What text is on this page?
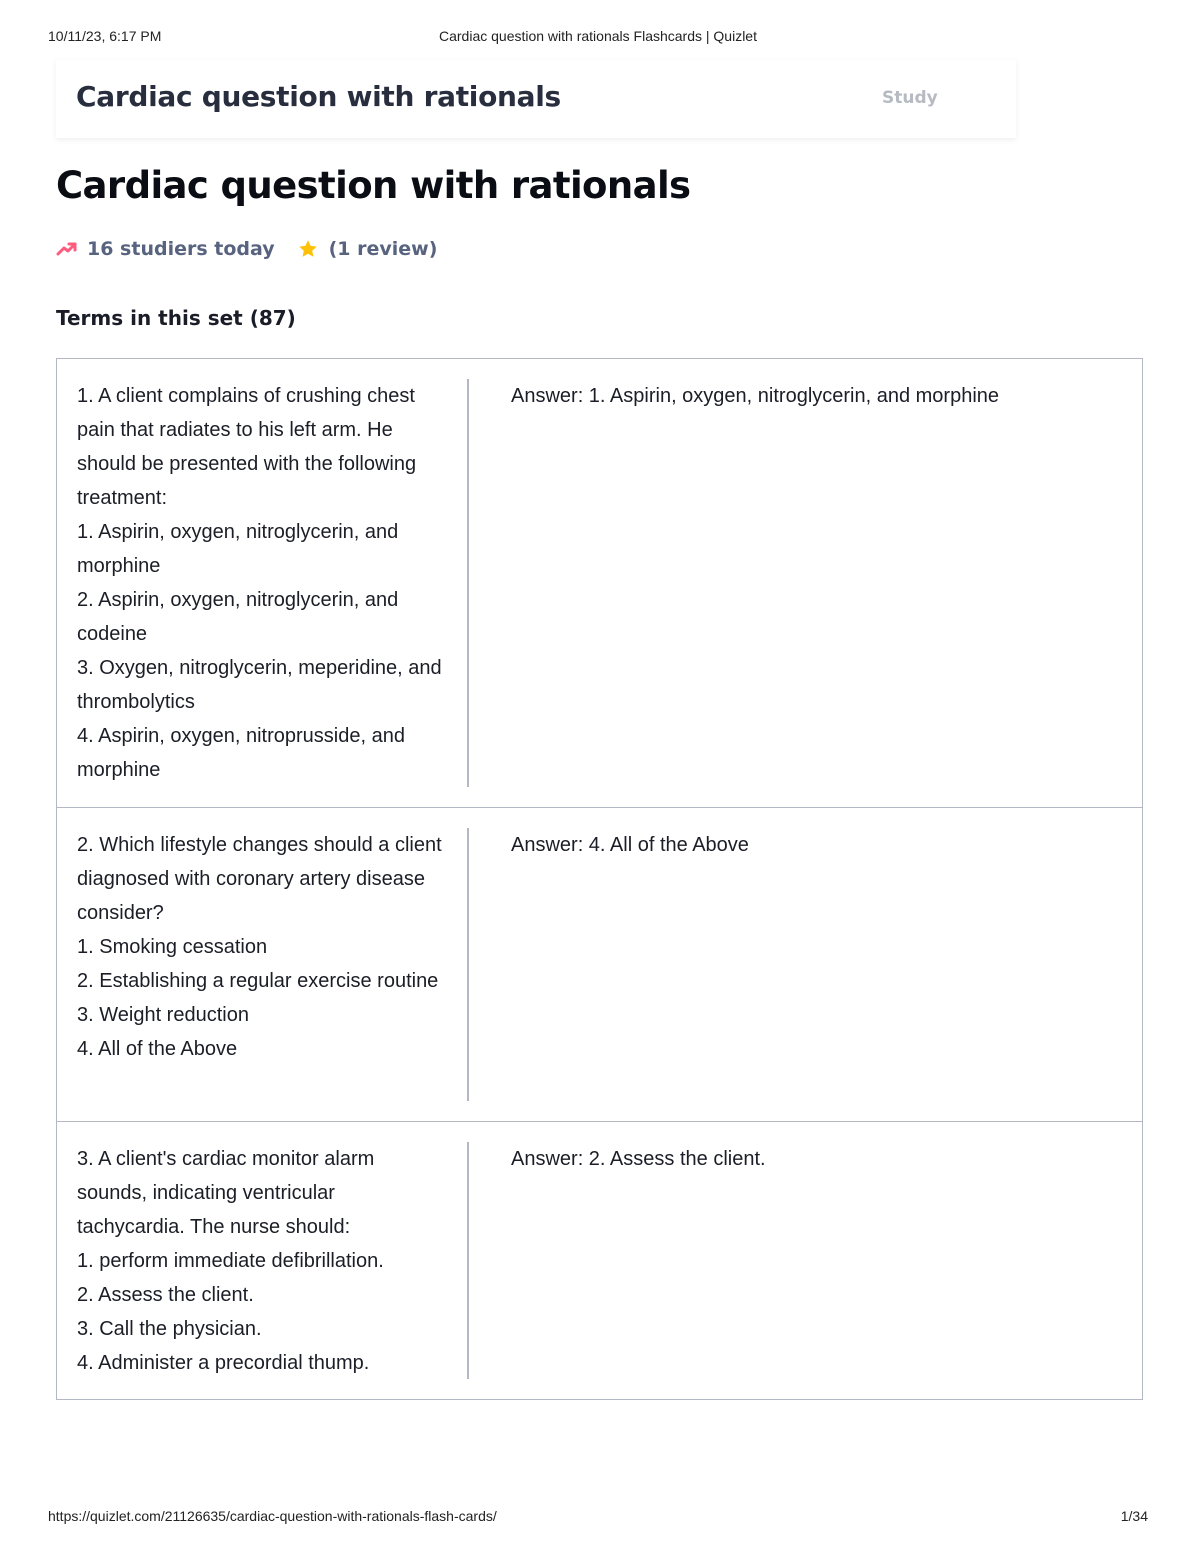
10/11/23, 6:17 PM	Cardiac question with rationals Flashcards | Quizlet
Cardiac question with rationals	Study
Cardiac question with rationals
16 studiers today	(1 review)
Terms in this set (87)
1. A client complains of crushing chest pain that radiates to his left arm. He should be presented with the following treatment:
1. Aspirin, oxygen, nitroglycerin, and morphine
2. Aspirin, oxygen, nitroglycerin, and codeine
3. Oxygen, nitroglycerin, meperidine, and thrombolytics
4. Aspirin, oxygen, nitroprusside, and morphine
Answer: 1. Aspirin, oxygen, nitroglycerin, and morphine
2. Which lifestyle changes should a client diagnosed with coronary artery disease consider?
1. Smoking cessation
2. Establishing a regular exercise routine
3. Weight reduction
4. All of the Above
Answer: 4. All of the Above
3. A client's cardiac monitor alarm sounds, indicating ventricular tachycardia. The nurse should:
1. perform immediate defibrillation.
2. Assess the client.
3. Call the physician.
4. Administer a precordial thump.
Answer: 2. Assess the client.
https://quizlet.com/21126635/cardiac-question-with-rationals-flash-cards/	1/34
